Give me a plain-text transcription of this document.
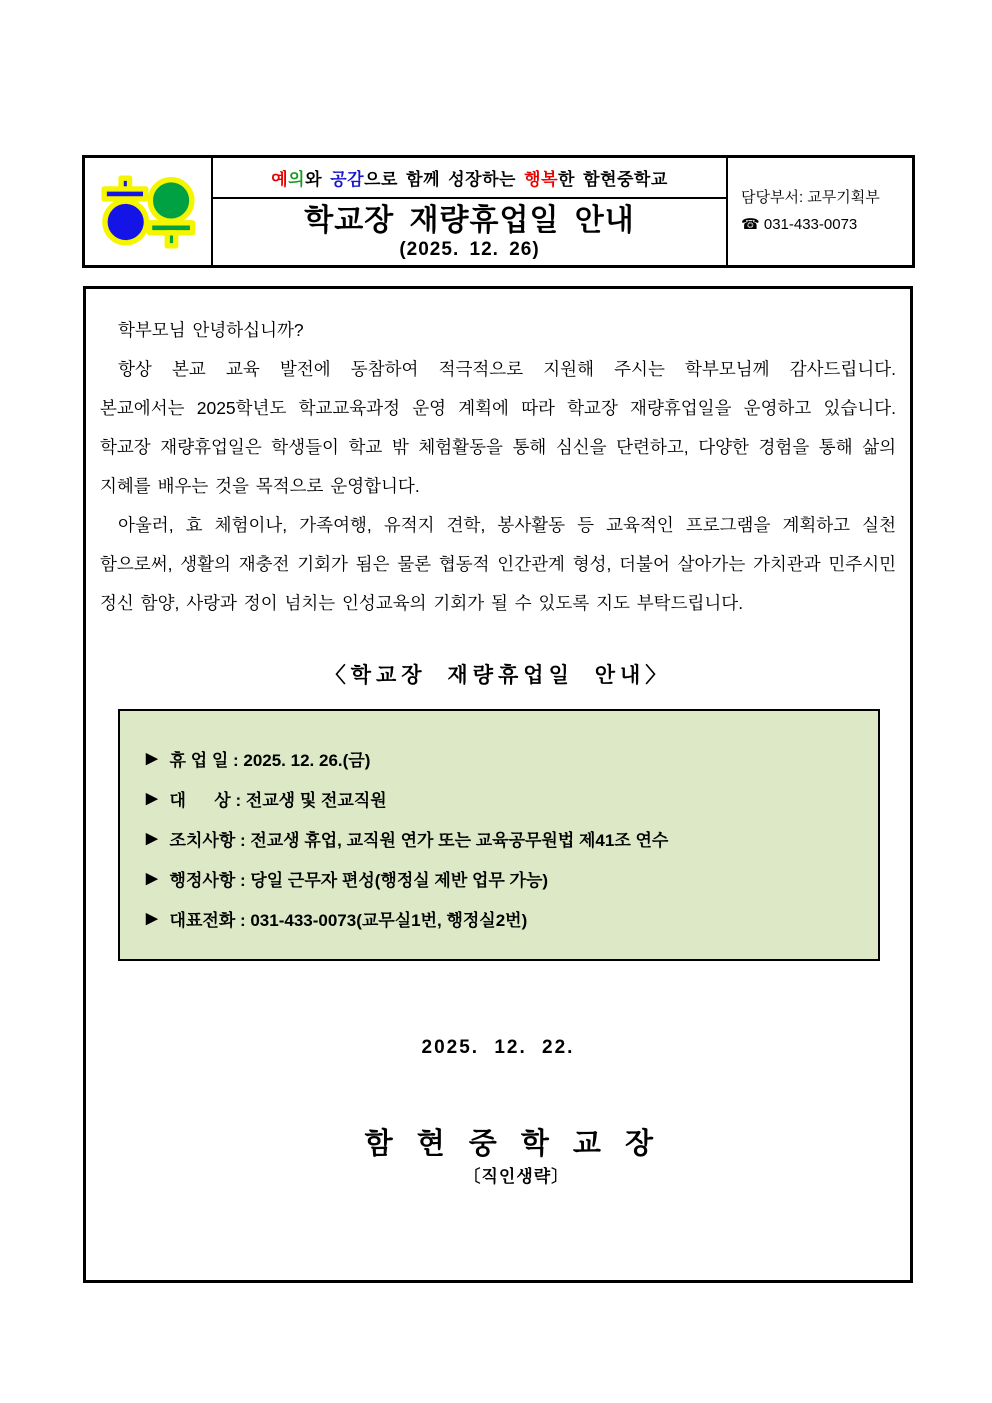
예 의 와 공감 으로 함께 성장하는 행복 한 함현중학교
학교장 재량휴업일 안내
(2025. 12. 26)
담당부서: 교무기획부
☎ 031-433-0073
학부모님 안녕하십니까?
항상 본교 교육 발전에 동참하여 적극적으로 지원해 주시는 학부모님께 감사드립니다.
본교에서는 2025학년도 학교교육과정 운영 계획에 따라 학교장 재량휴업일을 운영하고 있습니다.
학교장 재량휴업일은 학생들이 학교 밖 체험활동을 통해 심신을 단련하고, 다양한 경험을 통해 삶의
지혜를 배우는 것을 목적으로 운영합니다.
아울러, 효 체험이나, 가족여행, 유적지 견학, 봉사활동 등 교육적인 프로그램을 계획하고 실천
함으로써, 생활의 재충전 기회가 됨은 물론 협동적 인간관계 형성, 더불어 살아가는 가치관과 민주시민
정신 함양, 사랑과 정이 넘치는 인성교육의 기회가 될 수 있도록 지도 부탁드립니다.
〈학교장 재량휴업일 안내〉
▶ 휴 업 일 : 2025. 12. 26.(금)
▶ 대      상 : 전교생 및 전교직원
▶ 조치사항 : 전교생 휴업, 교직원 연가 또는 교육공무원법 제41조 연수
▶ 행정사항 : 당일 근무자 편성(행정실 제반 업무 가능)
▶ 대표전화 : 031-433-0073(교무실1번, 행정실2번)
2025. 12. 22.

함 현 중 학 교 장
〔직인생략〕
